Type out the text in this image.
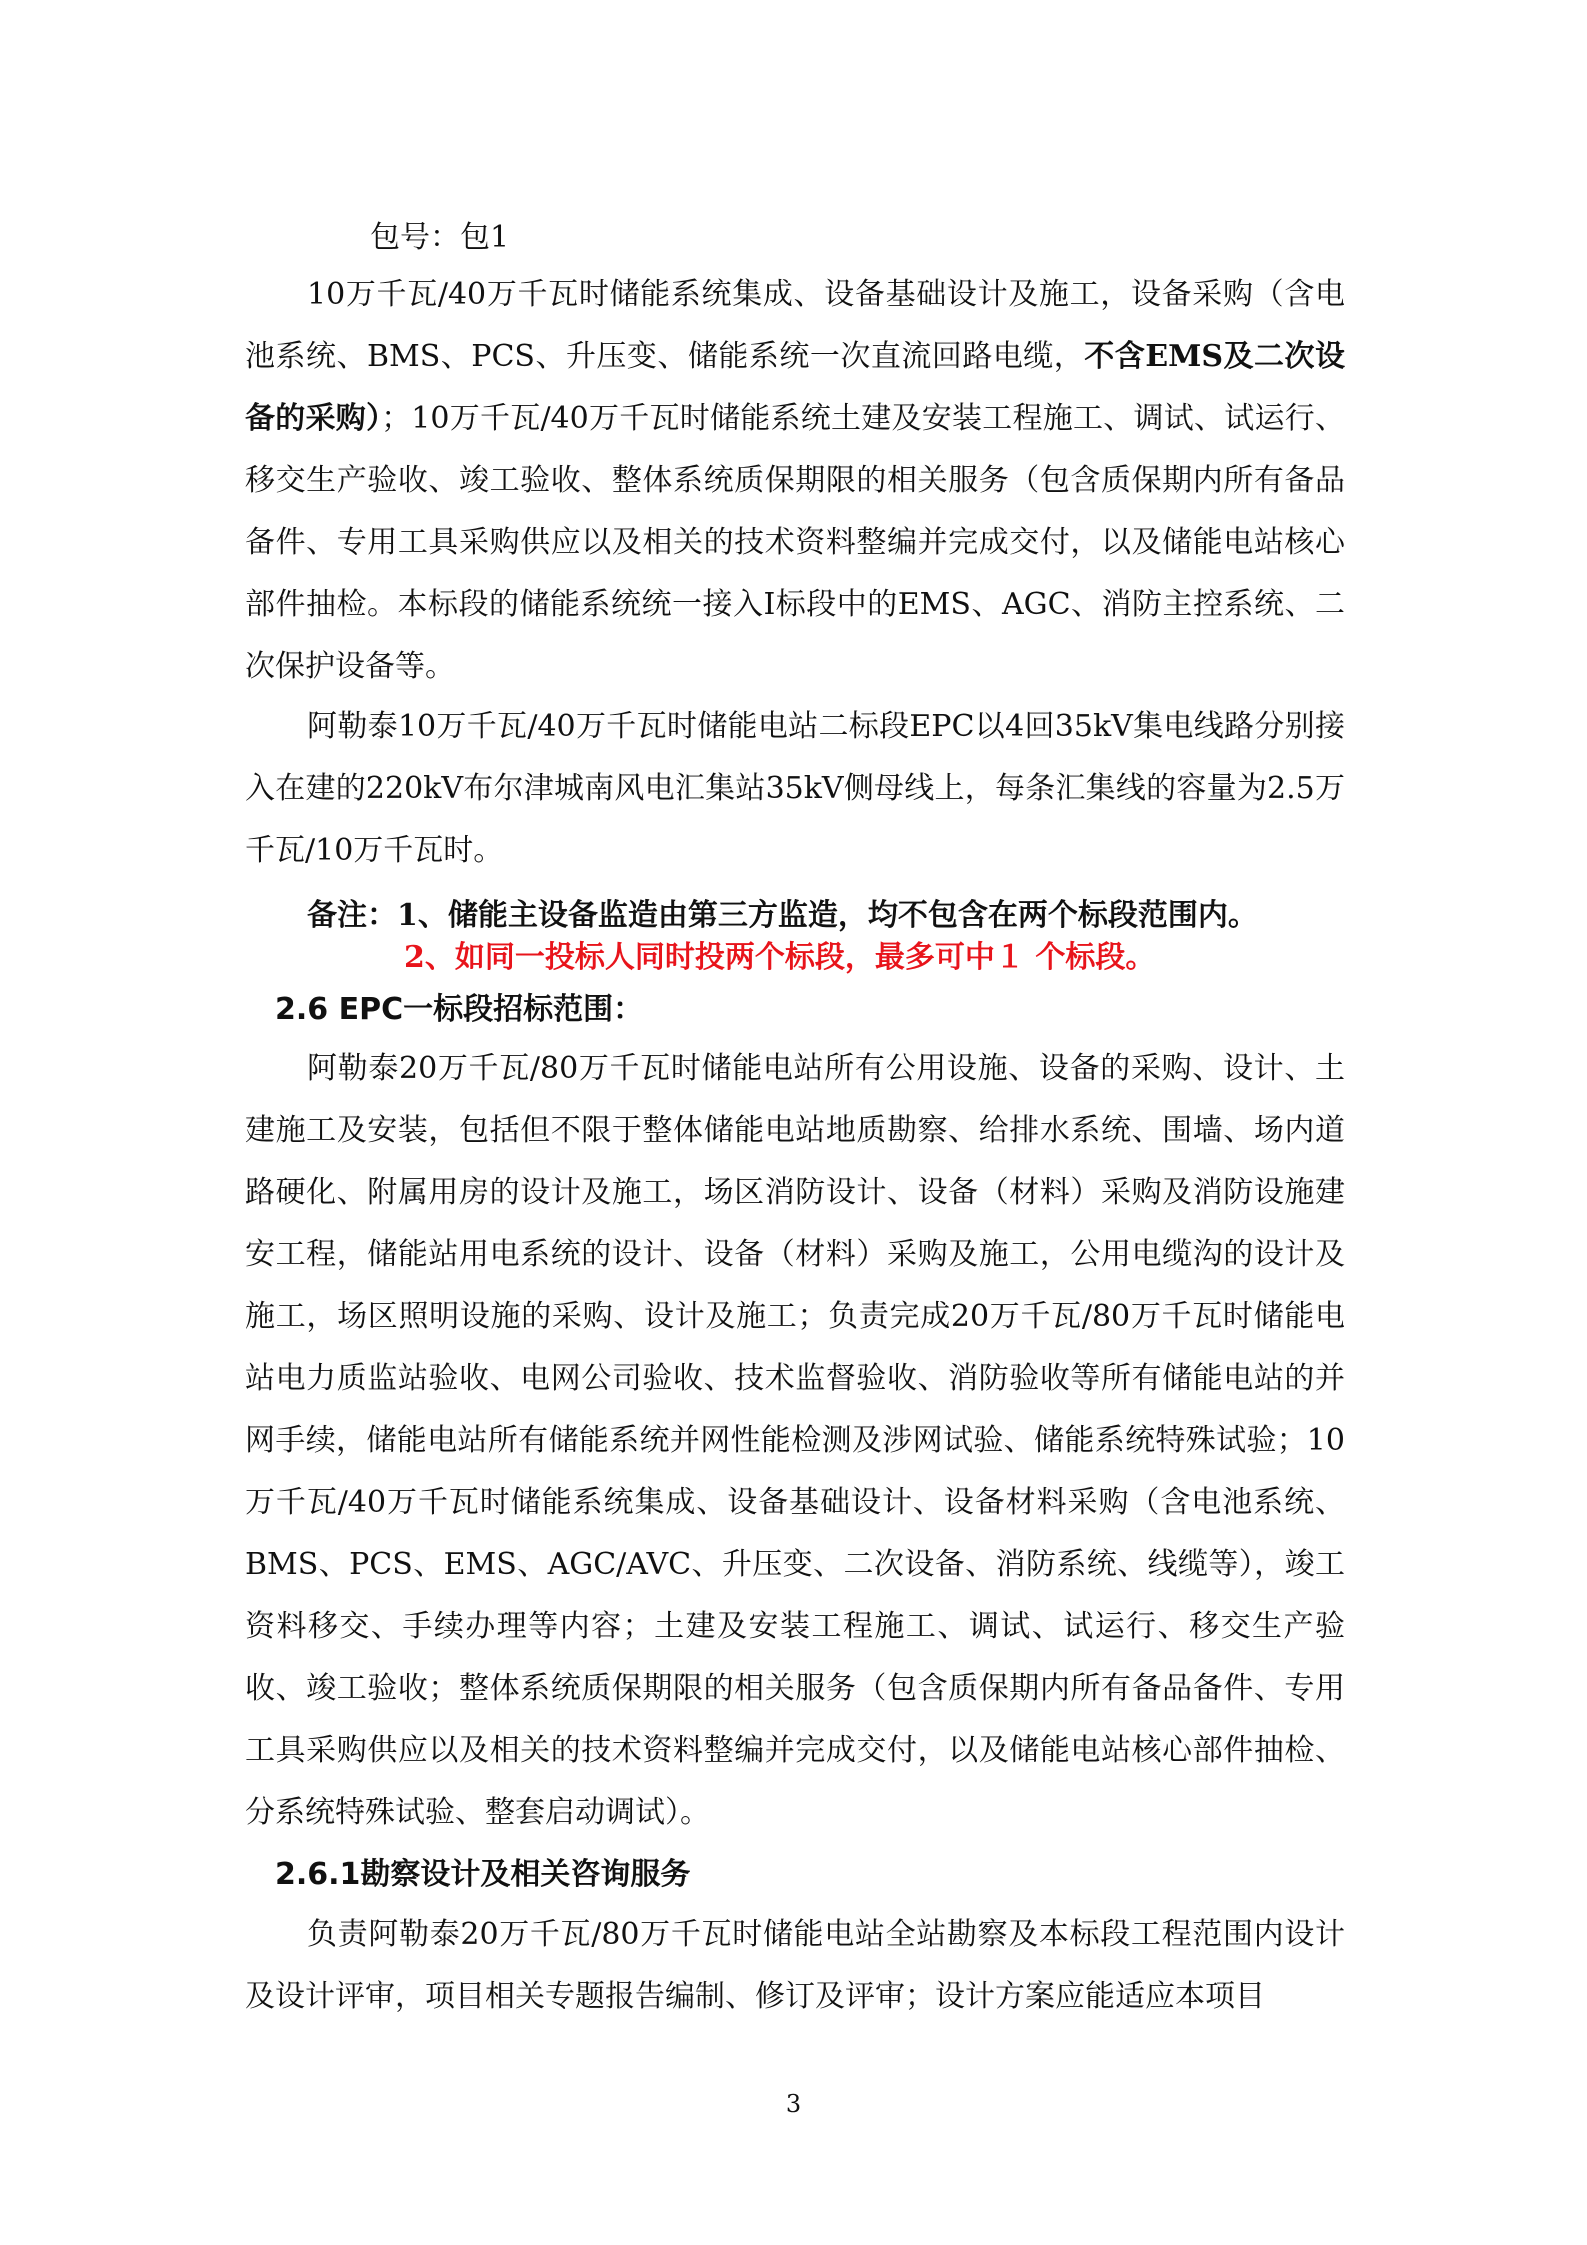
包号：包1

10万千瓦/40万千瓦时储能系统集成、设备基础设计及施工，设备采购（含电池系统、BMS、PCS、升压变、储能系统一次直流回路电缆，不含EMS及二次设备的采购）；10万千瓦/40万千瓦时储能系统土建及安装工程施工、调试、试运行、移交生产验收、竣工验收、整体系统质保期限的相关服务（包含质保期内所有备品备件、专用工具采购供应以及相关的技术资料整编并完成交付，以及储能电站核心部件抽检。本标段的储能系统统一接入Ⅰ标段中的EMS、AGC、消防主控系统、二次保护设备等。

阿勒泰10万千瓦/40万千瓦时储能电站二标段EPC以4回35kV集电线路分别接入在建的220kV布尔津城南风电汇集站35kV侧母线上，每条汇集线的容量为2.5万千瓦/10万千瓦时。

备注：1、储能主设备监造由第三方监造，均不包含在两个标段范围内。

2、如同一投标人同时投两个标段，最多可中１ 个标段。

2.6 EPC一标段招标范围：

阿勒泰20万千瓦/80万千瓦时储能电站所有公用设施、设备的采购、设计、土建施工及安装，包括但不限于整体储能电站地质勘察、给排水系统、围墙、场内道路硬化、附属用房的设计及施工，场区消防设计、设备（材料）采购及消防设施建安工程，储能站用电系统的设计、设备（材料）采购及施工，公用电缆沟的设计及施工，场区照明设施的采购、设计及施工；负责完成20万千瓦/80万千瓦时储能电站电力质监站验收、电网公司验收、技术监督验收、消防验收等所有储能电站的并网手续，储能电站所有储能系统并网性能检测及涉网试验、储能系统特殊试验；10万千瓦/40万千瓦时储能系统集成、设备基础设计、设备材料采购（含电池系统、BMS、PCS、EMS、AGC/AVC、升压变、二次设备、消防系统、线缆等），竣工资料移交、手续办理等内容；土建及安装工程施工、调试、试运行、移交生产验收、竣工验收；整体系统质保期限的相关服务（包含质保期内所有备品备件、专用工具采购供应以及相关的技术资料整编并完成交付，以及储能电站核心部件抽检、分系统特殊试验、整套启动调试）。

2.6.1勘察设计及相关咨询服务

负责阿勒泰20万千瓦/80万千瓦时储能电站全站勘察及本标段工程范围内设计及设计评审，项目相关专题报告编制、修订及评审；设计方案应能适应本项目

3
